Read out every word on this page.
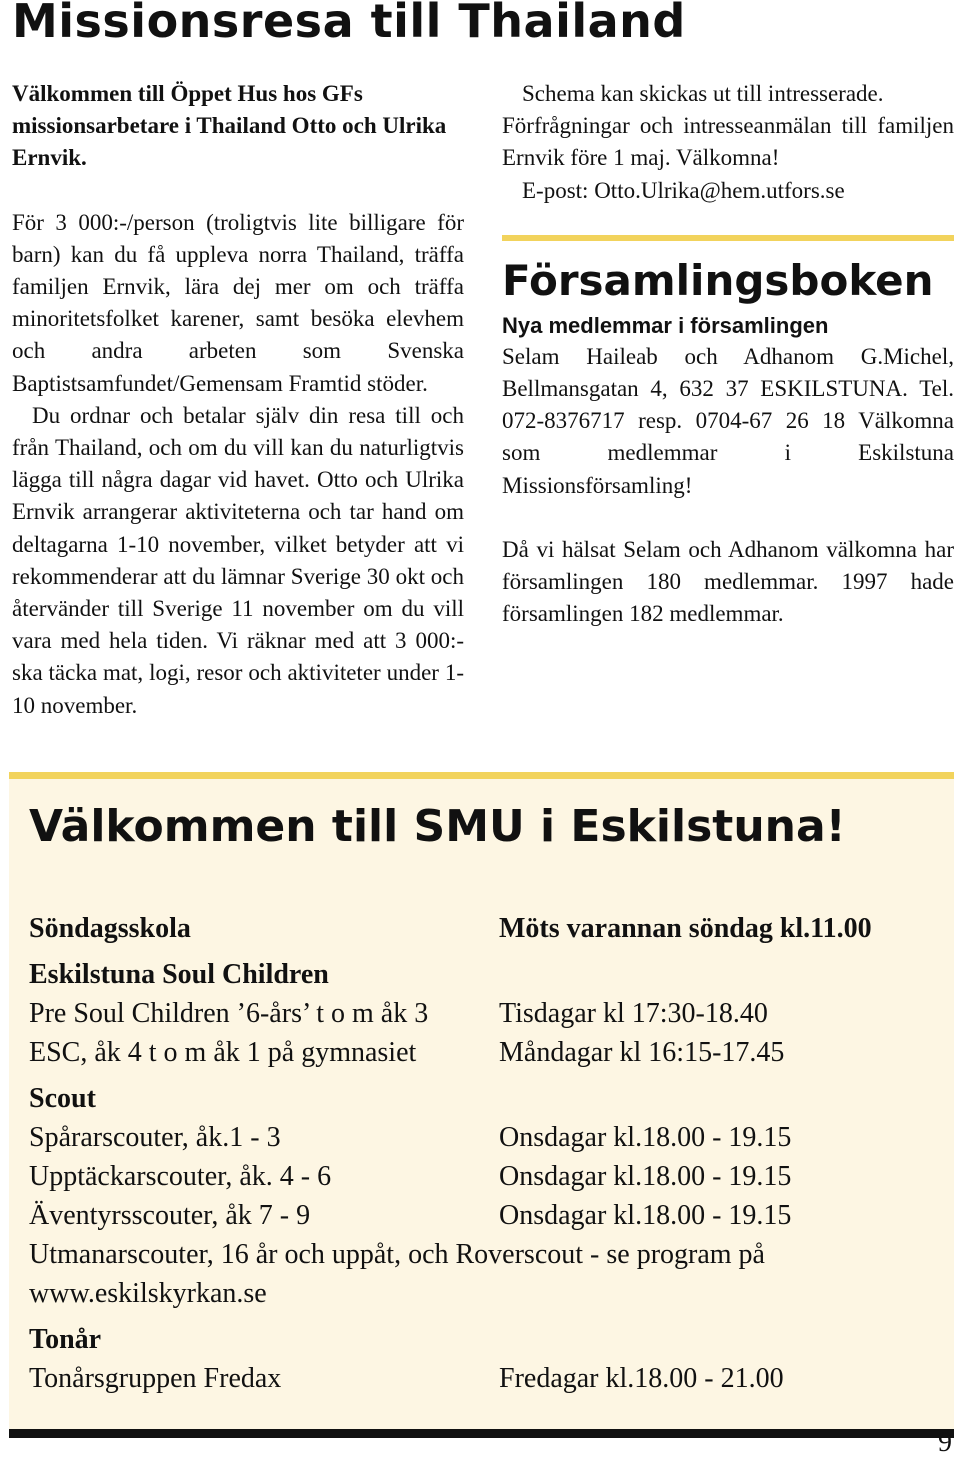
Missionsresa till Thailand

Välkommen till Öppet Hus hos GFs missionsarbetare i Thailand Otto och Ulrika Ernvik.

För 3 000:-/person (troligtvis lite billigare för barn) kan du få uppleva norra Thailand, träffa familjen Ernvik, lära dej mer om och träffa minoritetsfolket karener, samt besöka elevhem och andra arbeten som Svenska Baptistsamfundet/Gemensam Framtid stöder.

Du ordnar och betalar själv din resa till och från Thailand, och om du vill kan du naturligtvis lägga till några dagar vid havet. Otto och Ulrika Ernvik arrangerar aktiviteterna och tar hand om deltagarna 1-10 november, vilket betyder att vi rekommenderar att du lämnar Sverige 30 okt och återvänder till Sverige 11 november om du vill vara med hela tiden. Vi räknar med att 3 000:- ska täcka mat, logi, resor och aktiviteter under 1-10 november.

Schema kan skickas ut till intresserade.

Förfrågningar och intresseanmälan till familjen Ernvik före 1 maj. Välkomna!

E-post: Otto.Ulrika@hem.utfors.se

Församlingsboken

Nya medlemmar i församlingen

Selam Haileab och Adhanom G.Michel, Bellmansgatan 4, 632 37 ESKILSTUNA. Tel. 072-8376717 resp. 0704-67 26 18 Välkomna som medlemmar i Eskilstuna Missionsförsamling!

Då vi hälsat Selam och Adhanom välkomna har församlingen 180 medlemmar. 1997 hade församlingen 182 medlemmar.

Välkommen till SMU i Eskilstuna!
Söndagsskola	Möts varannan söndag kl.11.00
Eskilstuna Soul Children
Pre Soul Children ’6-års’ t o m åk 3	Tisdagar kl 17:30-18.40
ESC, åk 4 t o m åk 1 på gymnasiet	Måndagar kl 16:15-17.45
Scout
Spårarscouter, åk.1 - 3	Onsdagar kl.18.00 - 19.15
Upptäckarscouter, åk. 4 - 6	Onsdagar kl.18.00 - 19.15
Äventyrsscouter, åk 7 - 9	Onsdagar kl.18.00 - 19.15
Utmanarscouter, 16 år och uppåt, och Roverscout - se program på
www.eskilskyrkan.se
Tonår
Tonårsgruppen Fredax	Fredagar kl.18.00 - 21.00
9
